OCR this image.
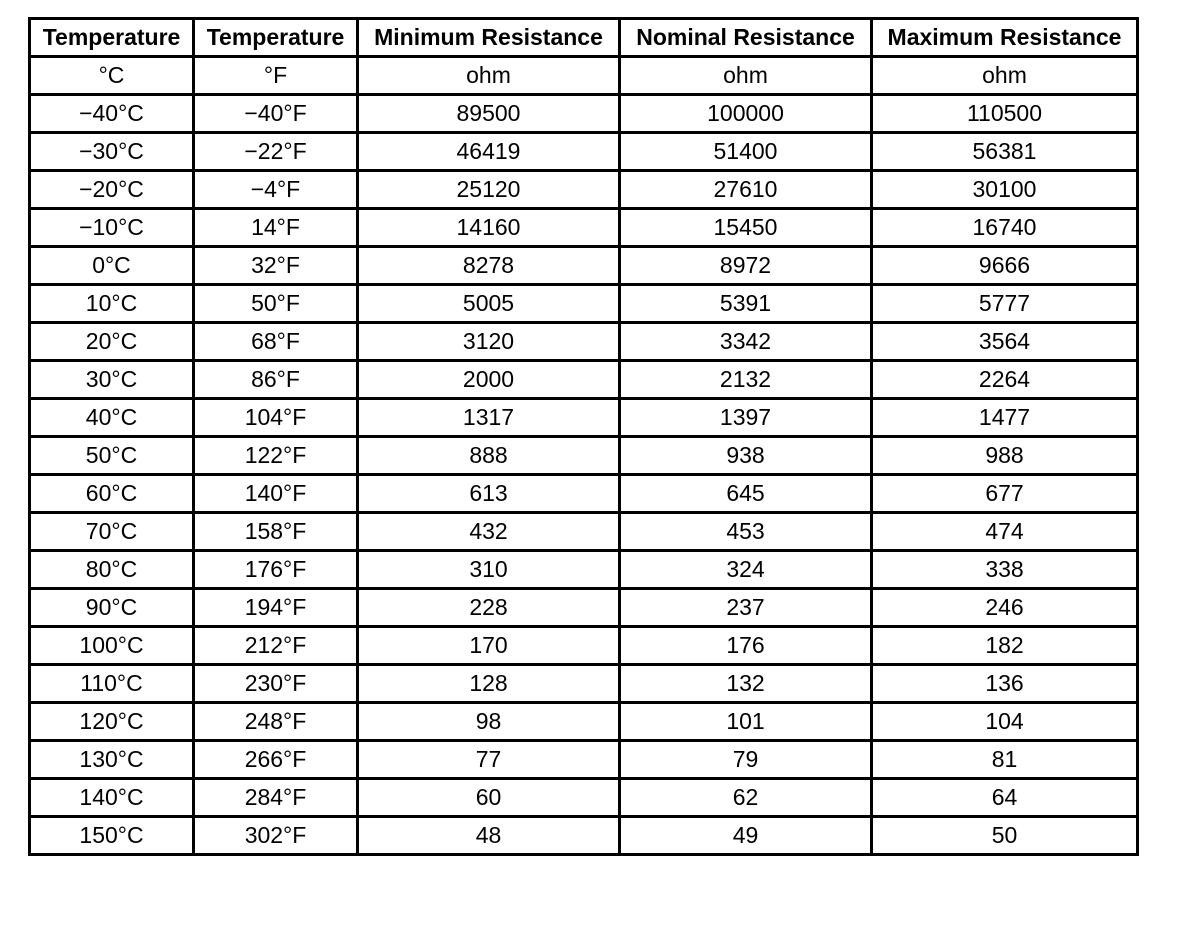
Temperature	Temperature	Minimum Resistance	Nominal Resistance	Maximum Resistance
°C	°F	ohm	ohm	ohm
−40°C	−40°F	89500	100000	110500
−30°C	−22°F	46419	51400	56381
−20°C	−4°F	25120	27610	30100
−10°C	14°F	14160	15450	16740
0°C	32°F	8278	8972	9666
10°C	50°F	5005	5391	5777
20°C	68°F	3120	3342	3564
30°C	86°F	2000	2132	2264
40°C	104°F	1317	1397	1477
50°C	122°F	888	938	988
60°C	140°F	613	645	677
70°C	158°F	432	453	474
80°C	176°F	310	324	338
90°C	194°F	228	237	246
100°C	212°F	170	176	182
110°C	230°F	128	132	136
120°C	248°F	98	101	104
130°C	266°F	77	79	81
140°C	284°F	60	62	64
150°C	302°F	48	49	50
